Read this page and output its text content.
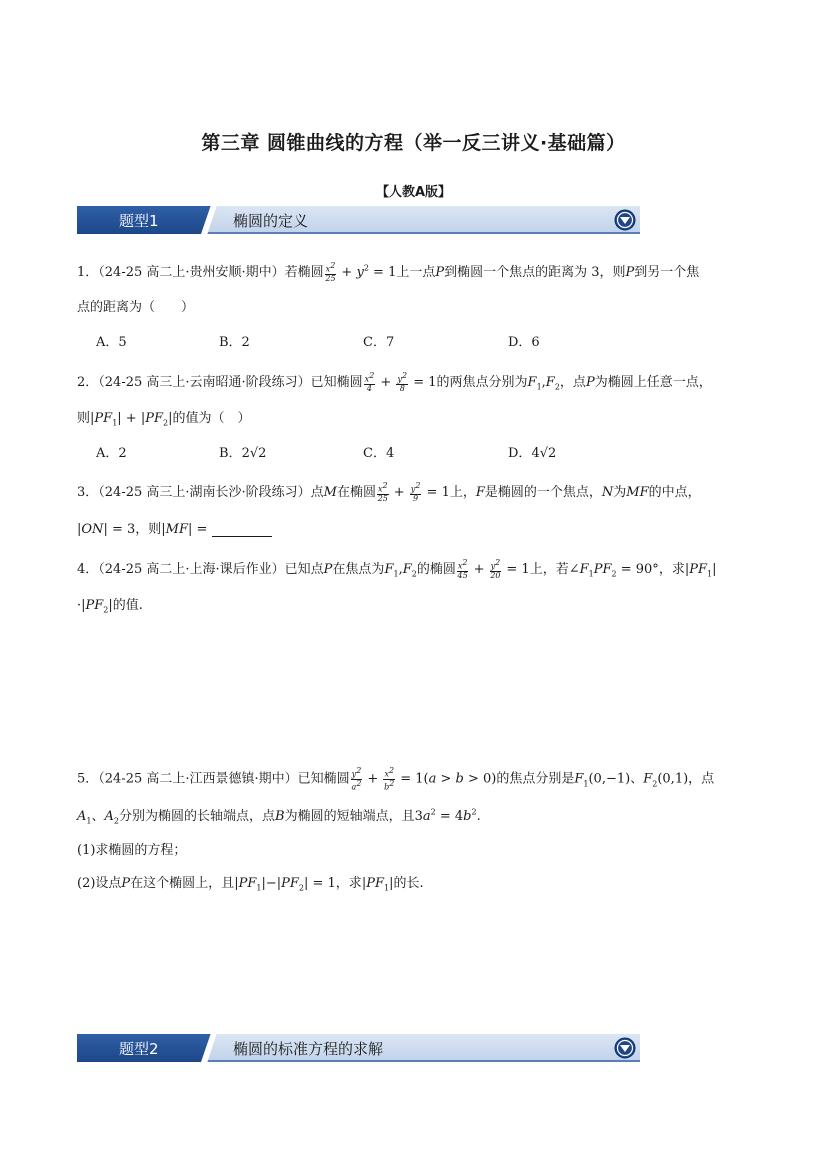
第三章 圆锥曲线的方程（举一反三讲义·基础篇）
【人教A版】
题型1	椭圆的定义
1．（24-25 高二上·贵州安顺·期中）若椭圆 $\frac{x^2}{25} + y^2 = 1$上一点P到椭圆一个焦点的距离为 3，则P到另一个焦
点的距离为（　　）
A．5	B．2	C．7	D．6
2．（24-25 高三上·云南昭通·阶段练习）已知椭圆 $\frac{x^2}{4} + \frac{y^2}{8} = 1$的两焦点分别为$F_1,F_2$，点P为椭圆上任意一点，
则$|PF_1| + |PF_2|$的值为（　）
A．2	B．2√2	C．4	D．4√2
3．（24-25 高三上·湖南长沙·阶段练习）点M在椭圆 $\frac{x^2}{25} + \frac{y^2}{9} = 1$上，F是椭圆的一个焦点，N为MF的中点，
|ON| = 3，则|MF| =
4．（24-25 高二上·上海·课后作业）已知点P在焦点为$F_1,F_2$的椭圆 $\frac{x^2}{45} + \frac{y^2}{20} = 1$上，若$\angle F_1PF_2 = 90^\circ$，求$|PF_1|$
$\cdot|PF_2|$的值.
5．（24-25 高二上·江西景德镇·期中）已知椭圆 $\frac{y^2}{a^2} + \frac{x^2}{b^2} = 1(a > b > 0)$的焦点分别是$F_1(0,-1)$、$F_2(0,1)$，点
$A_1$、$A_2$分别为椭圆的长轴端点，点B为椭圆的短轴端点，且$3a^2 = 4b^2$.
(1)求椭圆的方程；
(2)设点P在这个椭圆上，且$|PF_1|-|PF_2| = 1$，求$|PF_1|$的长.
题型2	椭圆的标准方程的求解
